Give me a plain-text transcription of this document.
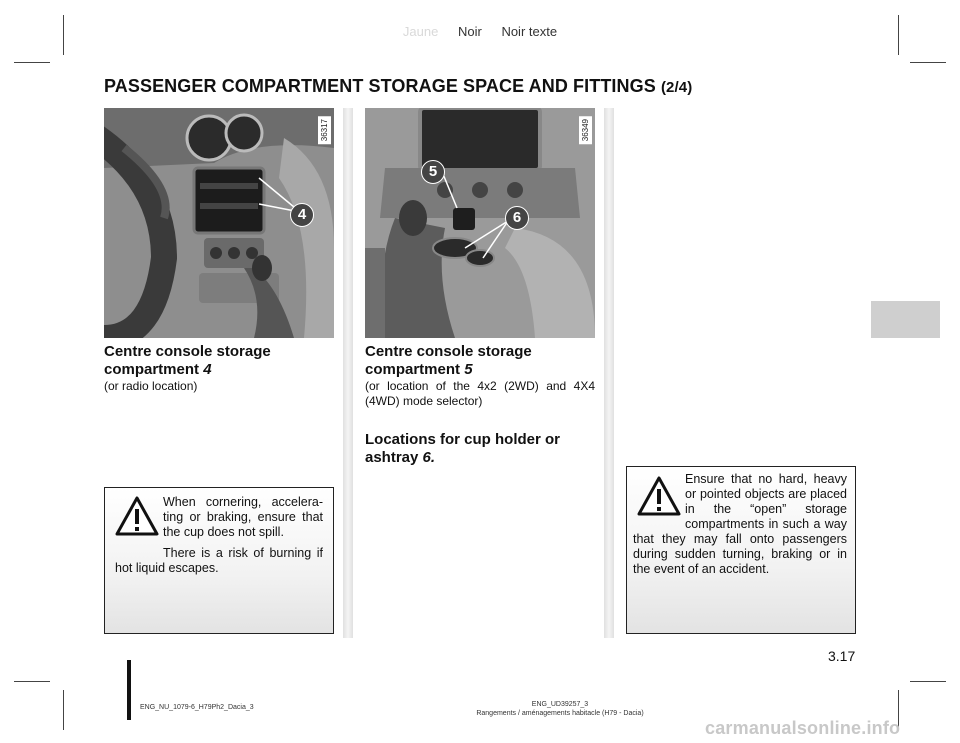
Jaune Noir Noir texte
PASSENGER COMPARTMENT STORAGE SPACE AND FITTINGS (2/4)
4
36317
5
6
36349
Centre console storage compartment 4
(or radio location)
Centre console storage compartment 5
(or location of the 4x2 (2WD) and 4X4 (4WD) mode selector)
Locations for cup holder or ashtray 6.

When cornering, accelerating or braking, ensure that the cup does not spill.

There is a risk of burning if hot liquid escapes.

Ensure that no hard, heavy or pointed objects are placed in the “open” storage compartments in such a way that they may fall onto passengers during sudden turning, braking or in the event of an accident.

3.17
ENG_NU_1079-6_H79Ph2_Dacia_3	ENG_UD39257_3
Rangements / aménagements habitacle (H79 - Dacia)
carmanualsonline.info
